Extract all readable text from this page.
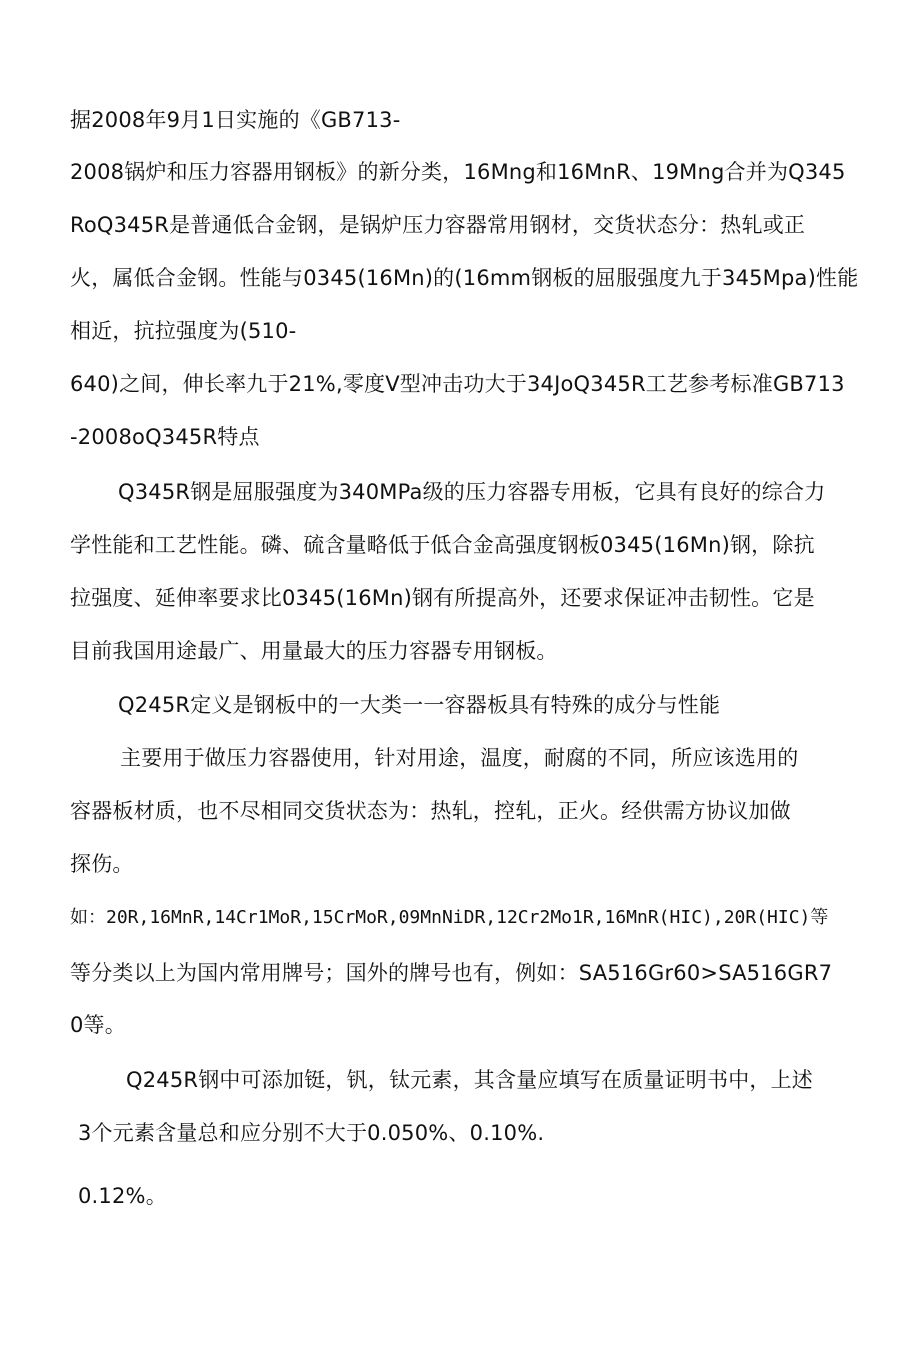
据2008年9月1日实施的《GB713-
2008锅炉和压力容器用钢板》的新分类，16Mng和16MnR、19Mng合并为Q345
RoQ345R是普通低合金钢，是锅炉压力容器常用钢材，交货状态分：热轧或正
火，属低合金钢。性能与0345(16Mn)的(16mm钢板的屈服强度九于345Mpa)性能
相近，抗拉强度为(510-
640)之间，伸长率九于21%,零度V型冲击功大于34JoQ345R工艺参考标准GB713
-2008oQ345R特点
Q345R钢是屈服强度为340MPa级的压力容器专用板，它具有良好的综合力
学性能和工艺性能。磷、硫含量略低于低合金高强度钢板0345(16Mn)钢，除抗
拉强度、延伸率要求比0345(16Mn)钢有所提高外，还要求保证冲击韧性。它是
目前我国用途最广、用量最大的压力容器专用钢板。
Q245R定义是钢板中的一大类一一容器板具有特殊的成分与性能
主要用于做压力容器使用，针对用途，温度，耐腐的不同，所应该选用的
容器板材质，也不尽相同交货状态为：热轧，控轧，正火。经供需方协议加做
探伤。
如：20R,16MnR,14Cr1MoR,15CrMoR,09MnNiDR,12Cr2Mo1R,16MnR(HIC),20R(HIC)等
等分类以上为国内常用牌号；国外的牌号也有，例如：SA516Gr60>SA516GR7
0等。
Q245R钢中可添加铤，钒，钛元素，其含量应填写在质量证明书中，上述
3个元素含量总和应分别不大于0.050%、0.10%.
0.12%。
